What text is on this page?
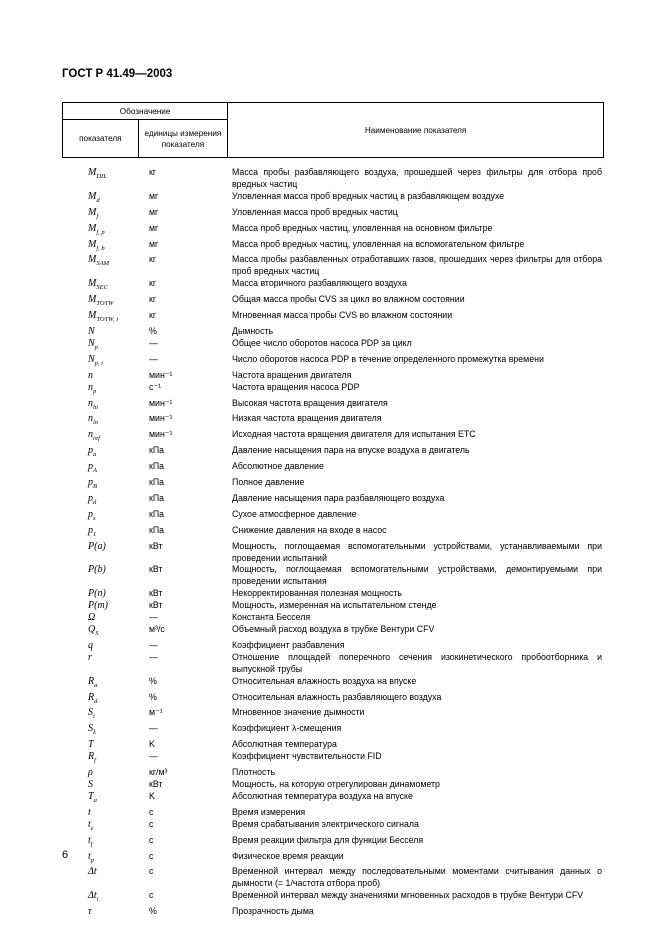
ГОСТ Р 41.49—2003
Обозначение		Наименование показателя
показателя	единицы измерения показателя	
$M_{DIL}$	кг	Масса пробы разбавляющего воздуха, прошедшей через фильтры для отбора проб вредных частиц
$M_d$	мг	Уловленная масса проб вредных частиц в разбавляющем воздухе
$M_f$	мг	Уловленная масса проб вредных частиц
$M_{f, p}$	мг	Масса проб вредных частиц, уловленная на основном фильтре
$M_{f, b}$	мг	Масса проб вредных частиц, уловленная на вспомогательном фильтре
$M_{SAM}$	кг	Масса пробы разбавленных отработавших газов, прошедших через фильтры для отбора проб вредных частиц
$M_{SEC}$	кг	Масса вторичного разбавляющего воздуха
$M_{TOTW}$	кг	Общая масса пробы CVS за цикл во влажном состоянии
$M_{TOTW, i}$	кг	Мгновенная масса пробы CVS во влажном состоянии
N	%	Дымность
$N_p$	—	Общее число оборотов насоса PDP за цикл
$N_{p, i}$	—	Число оборотов насоса PDP в течение определенного промежутка времени
n	мин⁻¹	Частота вращения двигателя
$n_p$	с⁻¹	Частота вращения насоса PDP
$n_{hi}$	мин⁻¹	Высокая частота вращения двигателя
$n_{lo}$	мин⁻¹	Низкая частота вращения двигателя
$n_{ref}$	мин⁻¹	Исходная частота вращения двигателя для испытания ETC
$p_a$	кПа	Давление насыщения пара на впуске воздуха в двигатель
$p_A$	кПа	Абсолютное давление
$p_B$	кПа	Полное давление
$p_d$	кПа	Давление насыщения пара разбавляющего воздуха
$p_s$	кПа	Сухое атмосферное давление
$p_1$	кПа	Снижение давления на входе в насос
P(a)	кВт	Мощность, поглощаемая вспомогательными устройствами, устанавливаемыми при проведении испытаний
P(b)	кВт	Мощность, поглощаемая вспомогательными устройствами, демонтируемыми при проведении испытания
P(n)	кВт	Некорректированная полезная мощность
P(m)	кВт	Мощность, измеренная на испытательном стенде
Ω	—	Константа Бесселя
$Q_S$	м³/с	Объемный расход воздуха в трубке Вентури CFV
q	—	Коэффициент разбавления
r	—	Отношение площадей поперечного сечения изокинетического пробоотборника и выпускной трубы
$R_a$	%	Относительная влажность воздуха на впуске
$R_d$	%	Относительная влажность разбавляющего воздуха
$S_i$	м⁻¹	Мгновенное значение дымности
$S_\lambda$	—	Коэффициент λ-смещения
T	K	Абсолютная температура
$R_f$	—	Коэффициент чувствительности FID
ρ	кг/м³	Плотность
S	кВт	Мощность, на которую отрегулирован динамометр
$T_a$	K	Абсолютная температура воздуха на впуске
t	с	Время измерения
$t_e$	с	Время срабатывания электрического сигнала
$t_f$	с	Время реакции фильтра для функции Бесселя
$t_p$	с	Физическое время реакции
Δt	с	Временной интервал между последовательными моментами считывания данных о дымности (= 1/частота отбора проб)
$\Delta t_i$	с	Временной интервал между значениями мгновенных расходов в трубке Вентури CFV
τ	%	Прозрачность дыма
6
